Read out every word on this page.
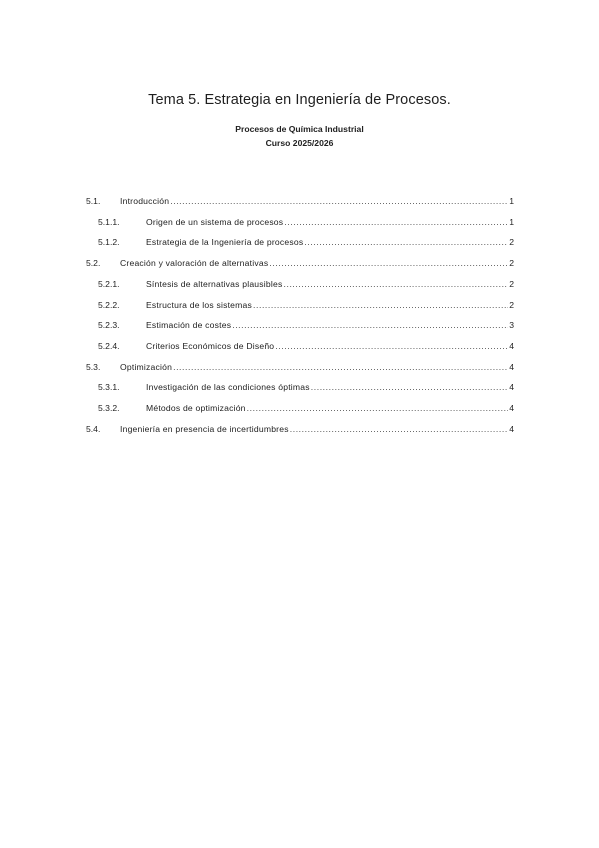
Tema 5. Estrategia en Ingeniería de Procesos.
Procesos de Química Industrial
Curso 2025/2026
5.1. Introducción .....	1
5.1.1.	Origen de un sistema de procesos .....	1
5.1.2.	Estrategia de la Ingeniería de procesos .....	2
5.2. Creación y valoración de alternativas .....	2
5.2.1.	Síntesis de alternativas plausibles .....	2
5.2.2.	Estructura de los sistemas .....	2
5.2.3.	Estimación de costes .....	3
5.2.4.	Criterios Económicos de Diseño .....	4
5.3. Optimización .....	4
5.3.1.	Investigación de las condiciones óptimas .....	4
5.3.2.	Métodos de optimización .....	4
5.4. Ingeniería en presencia de incertidumbres .....	4
